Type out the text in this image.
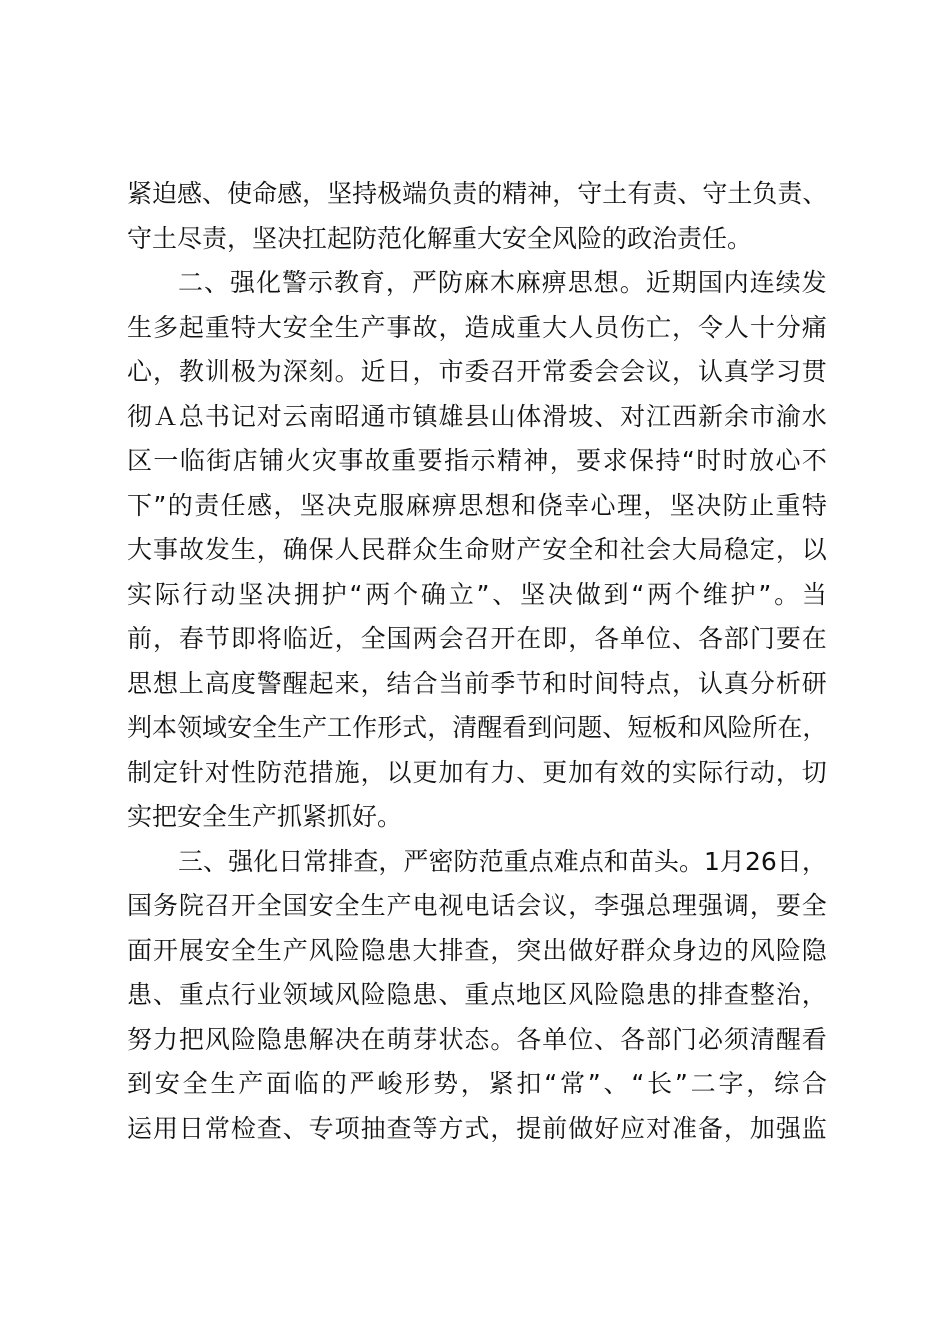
紧 迫 感 、 使 命 感 ， 坚 持 极 端 负 责 的 精 神 ， 守 土 有 责 、 守 土 负 责 、
守土尽责，坚决扛起防范化解重大安全风险的政治责任。
二 、 强 化 警 示 教 育 ， 严 防 麻 木 麻 痹 思 想 。 近 期 国 内 连 续 发
生 多 起 重 特 大 安 全 生 产 事 故 ， 造 成 重 大 人 员 伤 亡 ， 令 人 十 分 痛
心 ， 教 训 极 为 深 刻 。 近 日 ， 市 委 召 开 常 委 会 会 议 ， 认 真 学 习 贯
彻 Ａ 总 书 记 对 云 南 昭 通 市 镇 雄 县 山 体 滑 坡 、 对 江 西 新 余 市 渝 水
区 一 临 街 店 铺 火 灾 事 故 重 要 指 示 精 神 ， 要 求 保 持 “ 时 时 放 心 不
下 ” 的 责 任 感 ， 坚 决 克 服 麻 痹 思 想 和 侥 幸 心 理 ， 坚 决 防 止 重 特
大 事 故 发 生 ， 确 保 人 民 群 众 生 命 财 产 安 全 和 社 会 大 局 稳 定 ， 以
实 际 行 动 坚 决 拥 护 “ 两 个 确 立 ” 、 坚 决 做 到 “ 两 个 维 护 ” 。 当
前 ， 春 节 即 将 临 近 ， 全 国 两 会 召 开 在 即 ， 各 单 位 、 各 部 门 要 在
思 想 上 高 度 警 醒 起 来 ， 结 合 当 前 季 节 和 时 间 特 点 ， 认 真 分 析 研
判 本 领 域 安 全 生 产 工 作 形 式 ， 清 醒 看 到 问 题 、 短 板 和 风 险 所 在 ，
制 定 针 对 性 防 范 措 施 ， 以 更 加 有 力 、 更 加 有 效 的 实 际 行 动 ， 切
实把安全生产抓紧抓好。
三 、 强 化 日 常 排 查 ， 严 密 防 范 重 点 难 点 和 苗 头 。 1 月 2 6 日 ，
国 务 院 召 开 全 国 安 全 生 产 电 视 电 话 会 议 ， 李 强 总 理 强 调 ， 要 全
面 开 展 安 全 生 产 风 险 隐 患 大 排 查 ， 突 出 做 好 群 众 身 边 的 风 险 隐
患 、 重 点 行 业 领 域 风 险 隐 患 、 重 点 地 区 风 险 隐 患 的 排 查 整 治 ，
努 力 把 风 险 隐 患 解 决 在 萌 芽 状 态 。 各 单 位 、 各 部 门 必 须 清 醒 看
到 安 全 生 产 面 临 的 严 峻 形 势 ， 紧 扣 “ 常 ” 、 “ 长 ” 二 字 ， 综 合
运 用 日 常 检 查 、 专 项 抽 查 等 方 式 ， 提 前 做 好 应 对 准 备 ， 加 强 监
